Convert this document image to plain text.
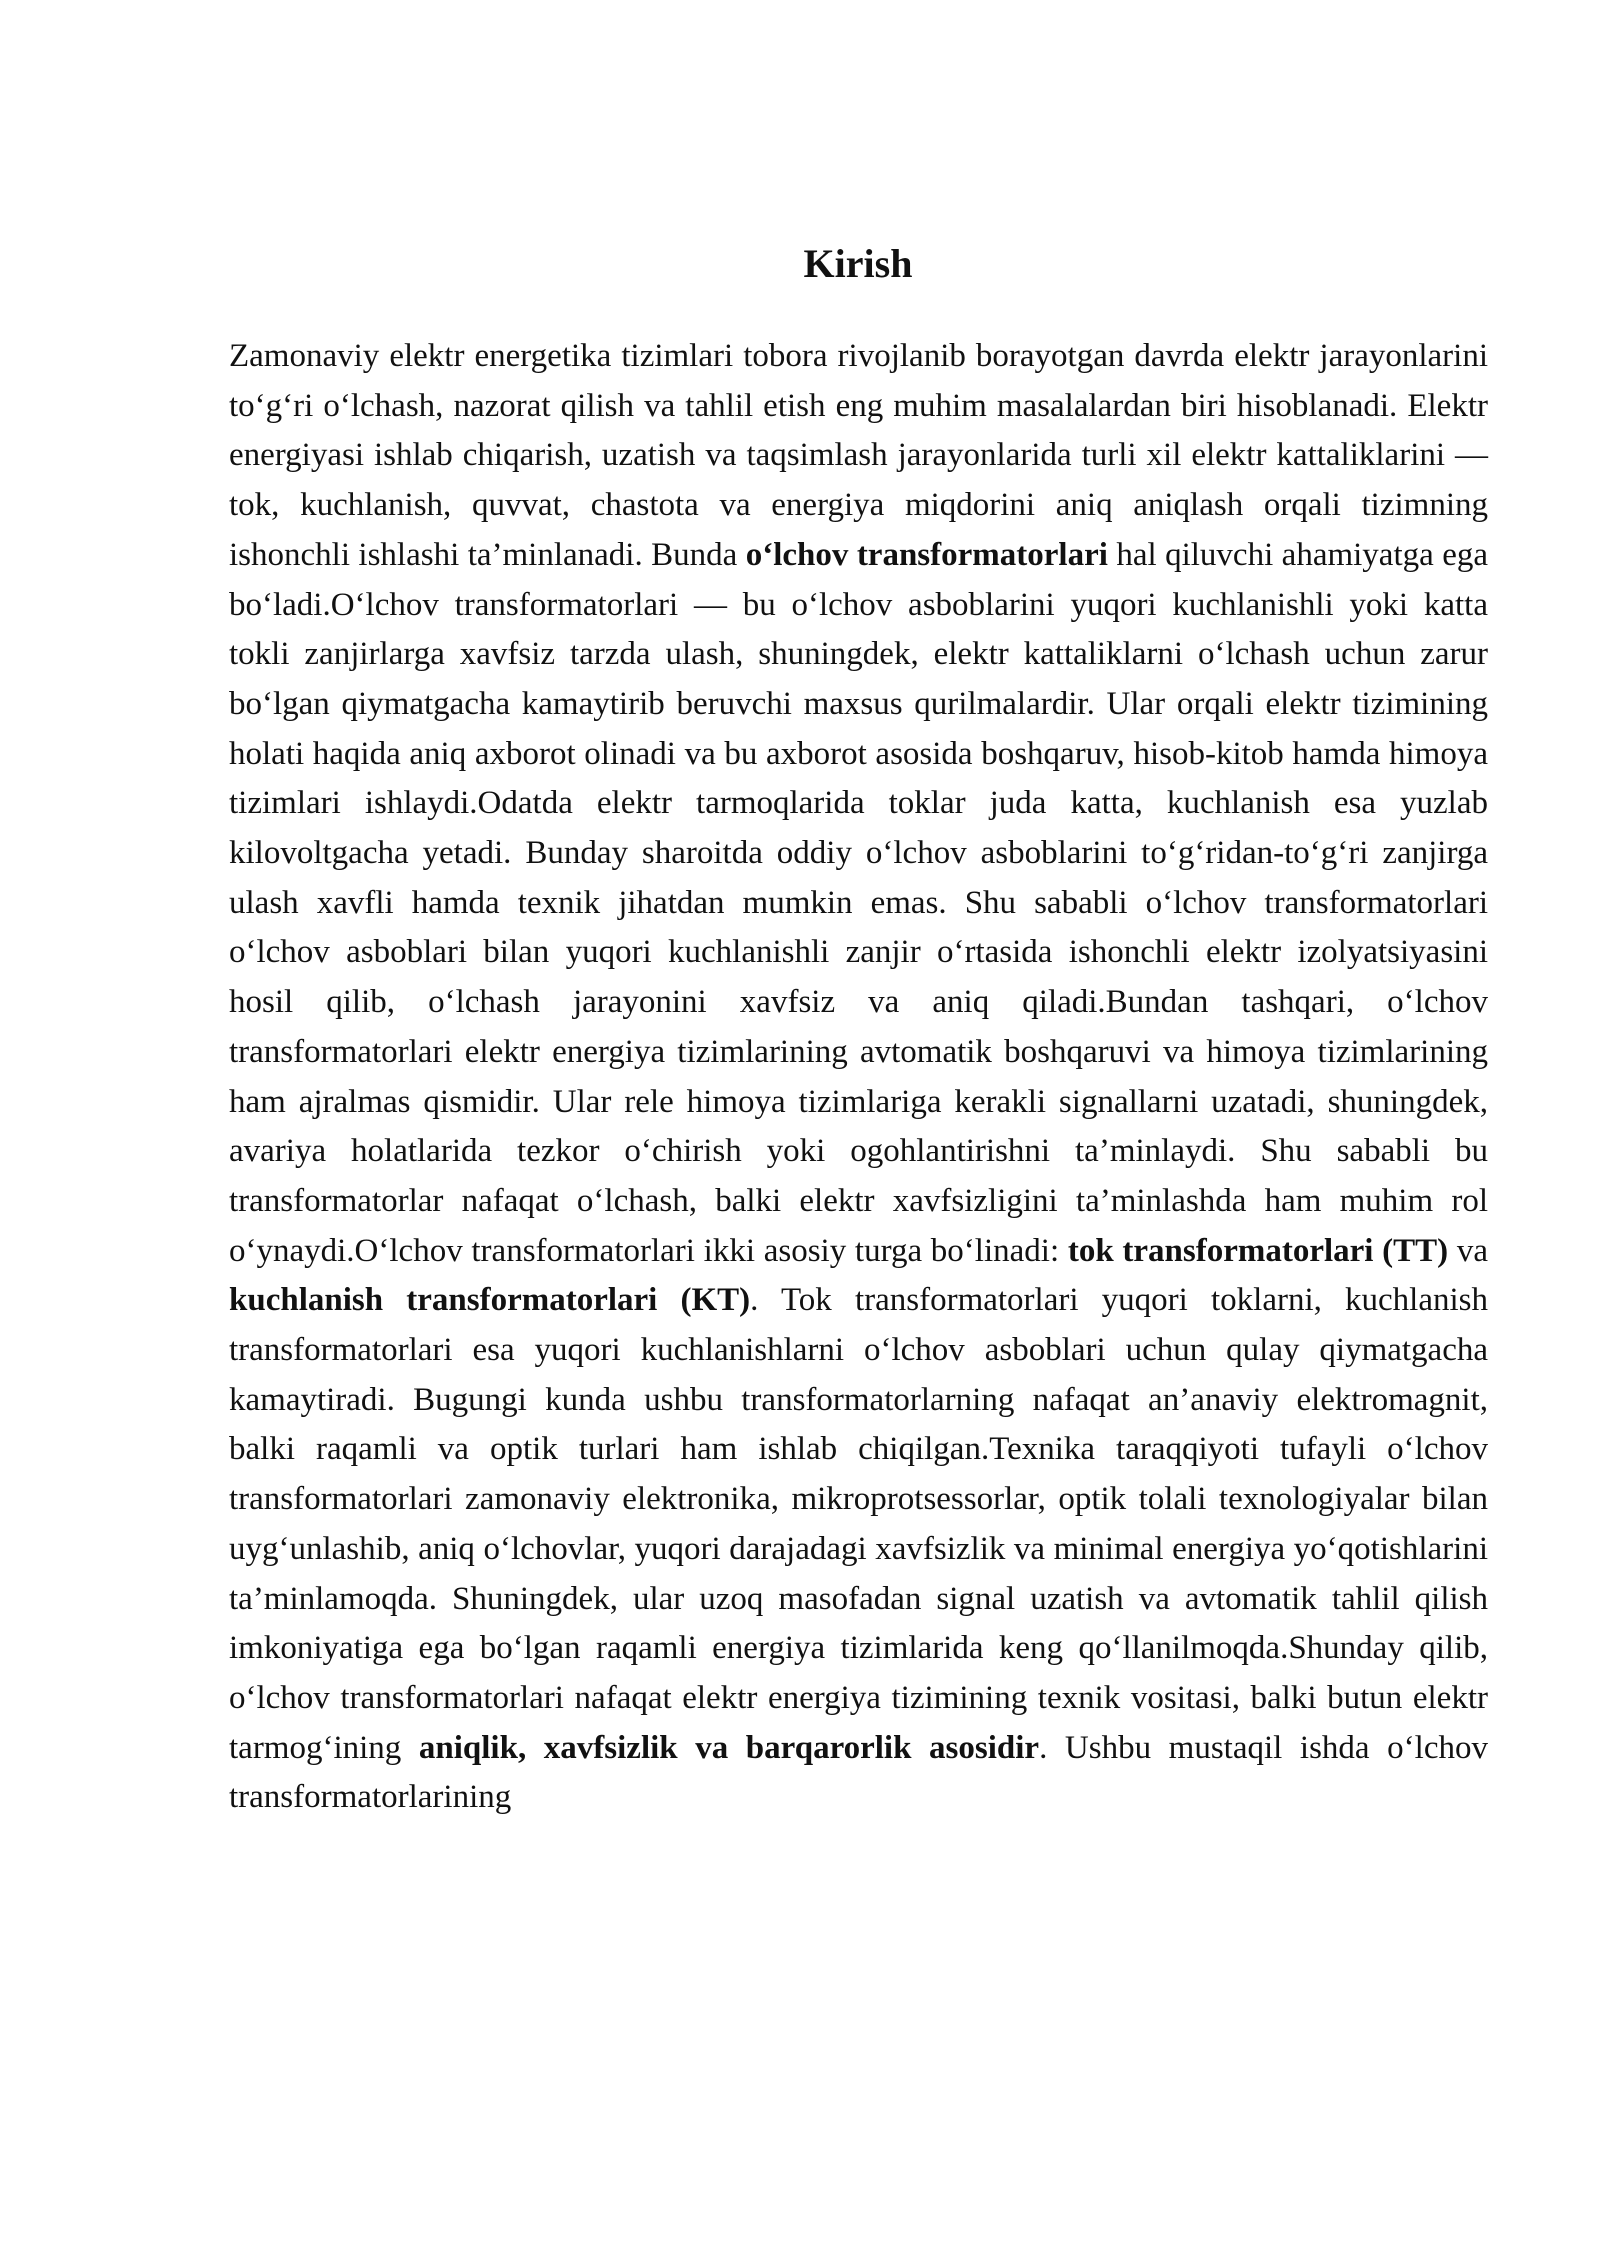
Kirish

Zamonaviy elektr energetika tizimlari tobora rivojlanib borayotgan davrda elektr jarayonlarini to‘g‘ri o‘lchash, nazorat qilish va tahlil etish eng muhim masalalardan biri hisoblanadi. Elektr energiyasi ishlab chiqarish, uzatish va taqsimlash jarayonlarida turli xil elektr kattaliklarini — tok, kuchlanish, quvvat, chastota va energiya miqdorini aniq aniqlash orqali tizimning ishonchli ishlashi ta’minlanadi. Bunda o‘lchov transformatorlari hal qiluvchi ahamiyatga ega bo‘ladi.O‘lchov transformatorlari — bu o‘lchov asboblarini yuqori kuchlanishli yoki katta tokli zanjirlarga xavfsiz tarzda ulash, shuningdek, elektr kattaliklarni o‘lchash uchun zarur bo‘lgan qiymatgacha kamaytirib beruvchi maxsus qurilmalardir. Ular orqali elektr tizimining holati haqida aniq axborot olinadi va bu axborot asosida boshqaruv, hisob-kitob hamda himoya tizimlari ishlaydi.Odatda elektr tarmoqlarida toklar juda katta, kuchlanish esa yuzlab kilovoltgacha yetadi. Bunday sharoitda oddiy o‘lchov asboblarini to‘g‘ridan-to‘g‘ri zanjirga ulash xavfli hamda texnik jihatdan mumkin emas. Shu sababli o‘lchov transformatorlari o‘lchov asboblari bilan yuqori kuchlanishli zanjir o‘rtasida ishonchli elektr izolyatsiyasini hosil qilib, o‘lchash jarayonini xavfsiz va aniq qiladi.Bundan tashqari, o‘lchov transformatorlari elektr energiya tizimlarining avtomatik boshqaruvi va himoya tizimlarining ham ajralmas qismidir. Ular rele himoya tizimlariga kerakli signallarni uzatadi, shuningdek, avariya holatlarida tezkor o‘chirish yoki ogohlantirishni ta’minlaydi. Shu sababli bu transformatorlar nafaqat o‘lchash, balki elektr xavfsizligini ta’minlashda ham muhim rol o‘ynaydi.O‘lchov transformatorlari ikki asosiy turga bo‘linadi: tok transformatorlari (TT) va kuchlanish transformatorlari (KT). Tok transformatorlari yuqori toklarni, kuchlanish transformatorlari esa yuqori kuchlanishlarni o‘lchov asboblari uchun qulay qiymatgacha kamaytiradi. Bugungi kunda ushbu transformatorlarning nafaqat an’anaviy elektromagnit, balki raqamli va optik turlari ham ishlab chiqilgan.Texnika taraqqiyoti tufayli o‘lchov transformatorlari zamonaviy elektronika, mikroprotsessorlar, optik tolali texnologiyalar bilan uyg‘unlashib, aniq o‘lchovlar, yuqori darajadagi xavfsizlik va minimal energiya yo‘qotishlarini ta’minlamoqda. Shuningdek, ular uzoq masofadan signal uzatish va avtomatik tahlil qilish imkoniyatiga ega bo‘lgan raqamli energiya tizimlarida keng qo‘llanilmoqda.Shunday qilib, o‘lchov transformatorlari nafaqat elektr energiya tizimining texnik vositasi, balki butun elektr tarmog‘ining aniqlik, xavfsizlik va barqarorlik asosidir. Ushbu mustaqil ishda o‘lchov transformatorlarining
